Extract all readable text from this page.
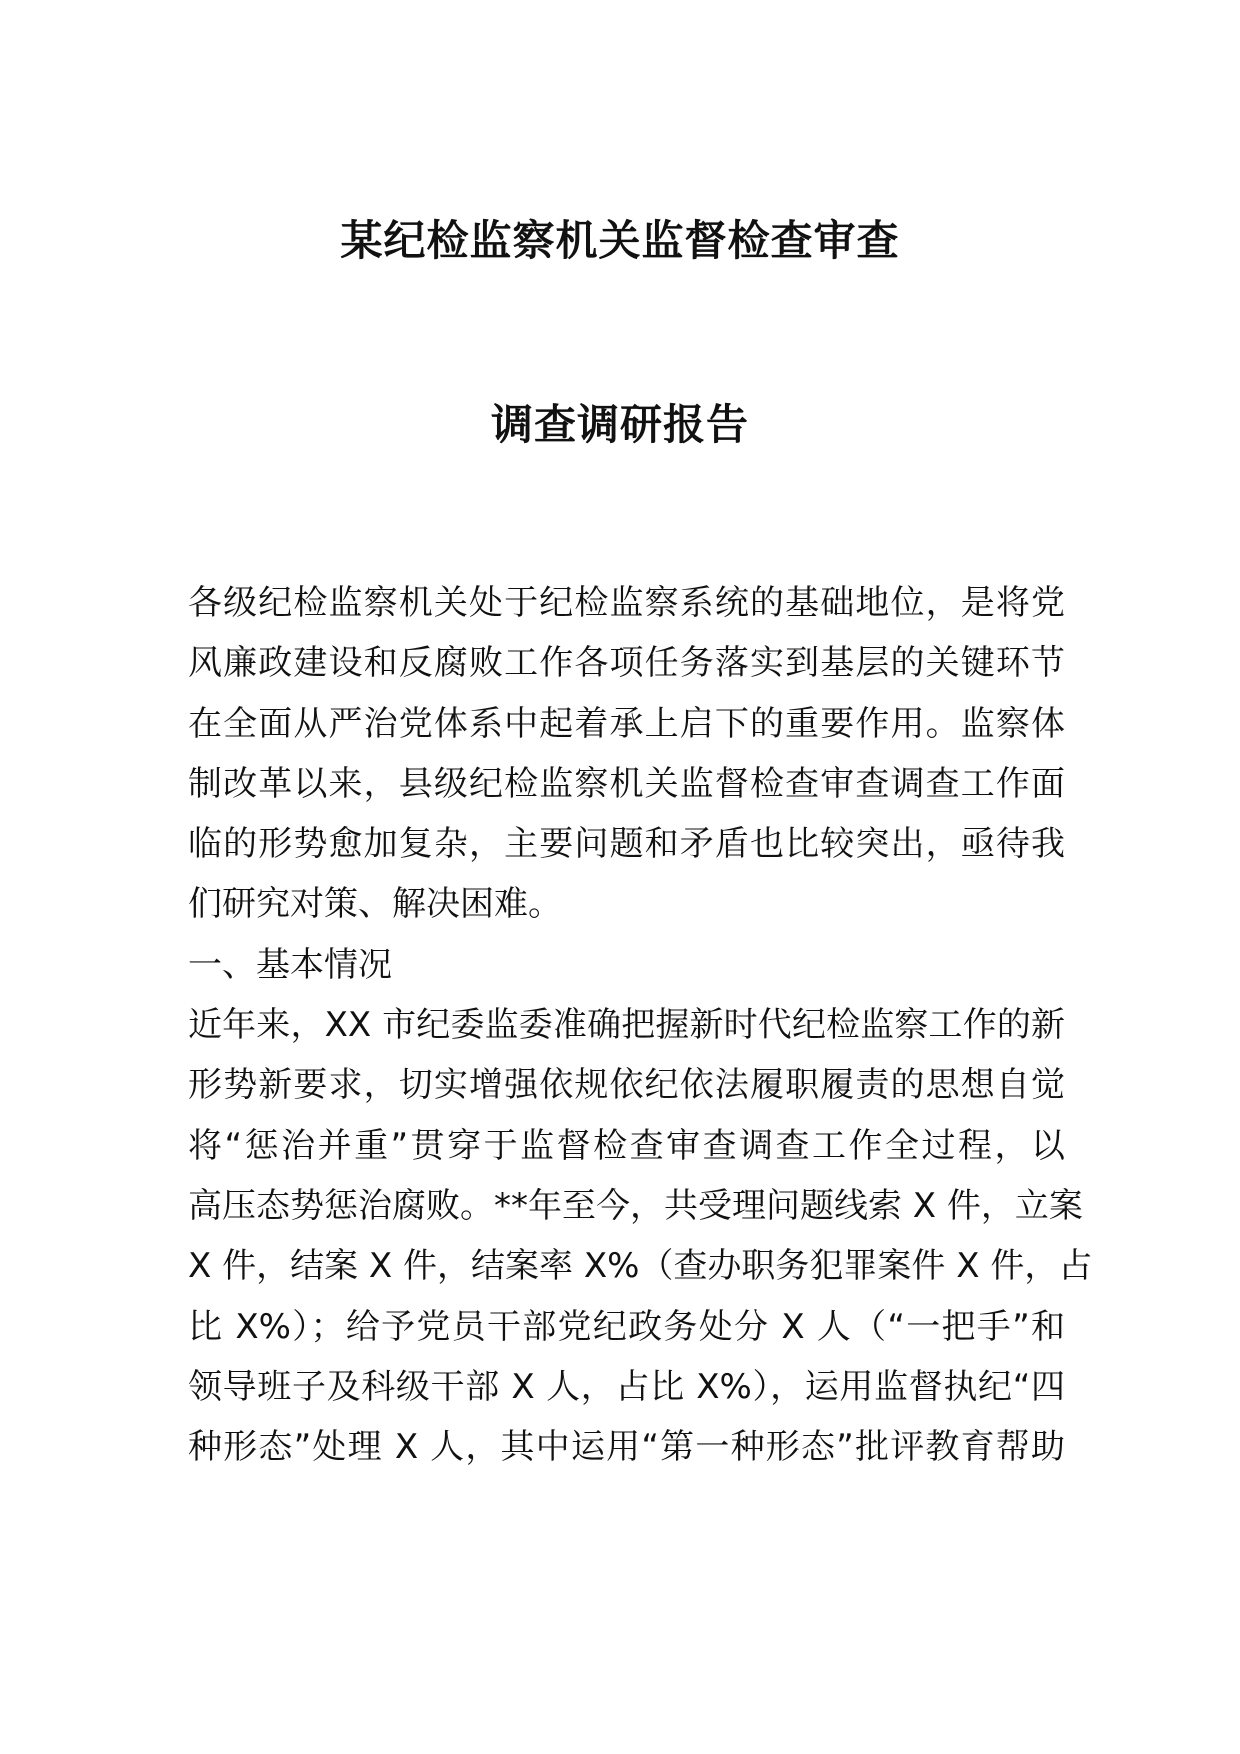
某纪检监察机关监督检查审查
调查调研报告
各级纪检监察机关处于纪检监察系统的基础地位，是将党
风廉政建设和反腐败工作各项任务落实到基层的关键环节
在全面从严治党体系中起着承上启下的重要作用。监察体
制改革以来，县级纪检监察机关监督检查审查调查工作面
临的形势愈加复杂，主要问题和矛盾也比较突出，亟待我
们研究对策、解决困难。
一、基本情况
近年来，XX 市纪委监委准确把握新时代纪检监察工作的新
形势新要求，切实增强依规依纪依法履职履责的思想自觉
将“惩治并重”贯穿于监督检查审查调查工作全过程，以
高压态势惩治腐败。**年至今，共受理问题线索 X 件，立案
X 件，结案 X 件，结案率 X%（查办职务犯罪案件 X 件，占
比 X%）；给予党员干部党纪政务处分 X 人（“一把手”和
领导班子及科级干部 X 人，占比 X%），运用监督执纪“四
种形态”处理 X 人，其中运用“第一种形态”批评教育帮助
